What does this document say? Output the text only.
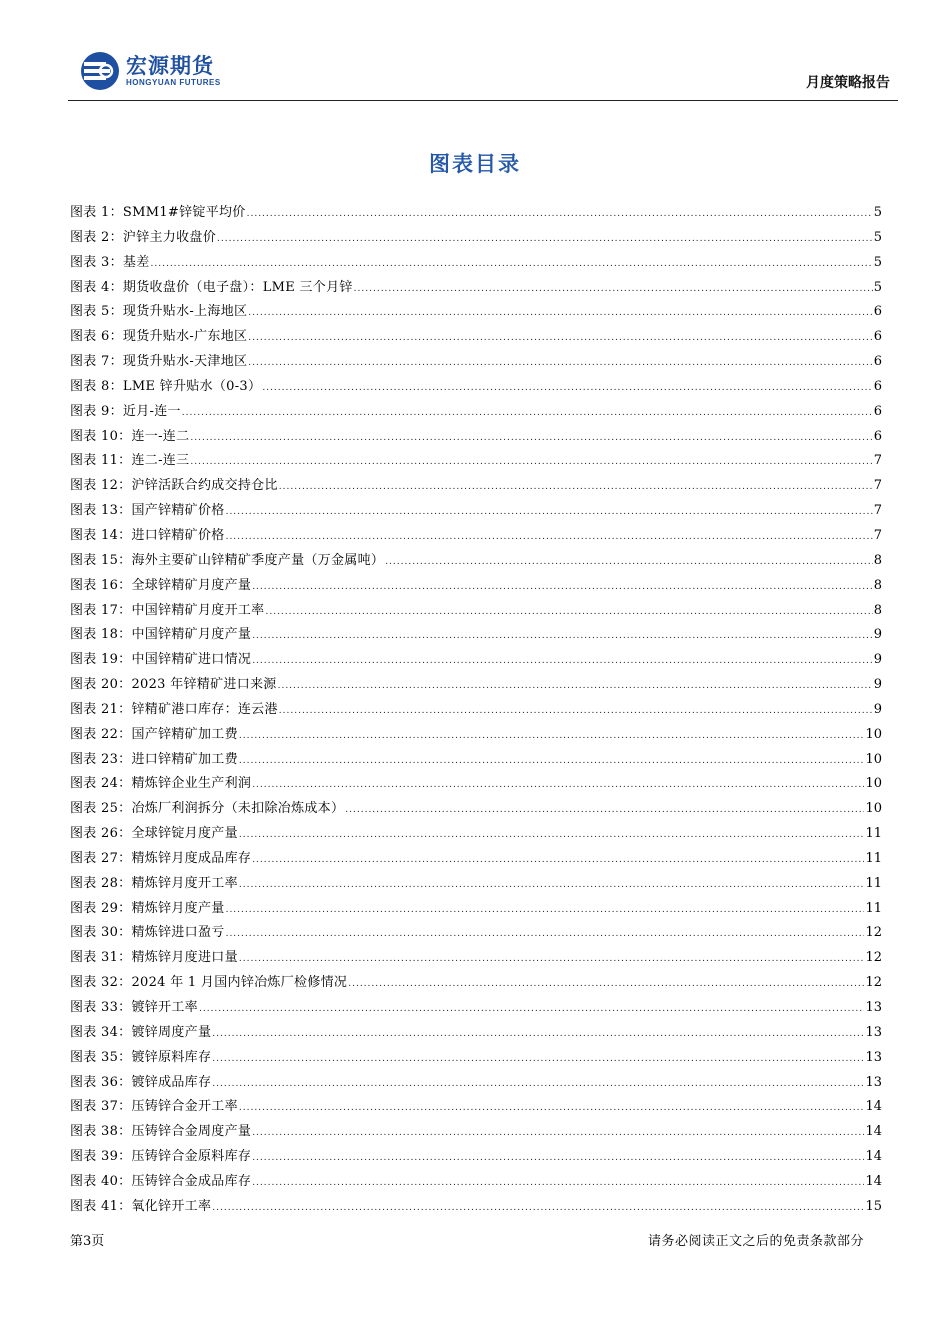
宏源期货
HONGYUAN FUTURES	月度策略报告
图表目录
图表 1：SMM1#锌锭平均价 .....	5
图表 2：沪锌主力收盘价 .....	5
图表 3：基差 .....	5
图表 4：期货收盘价（电子盘）：LME 三个月锌 .....	5
图表 5：现货升贴水-上海地区 .....	6
图表 6：现货升贴水-广东地区 .....	6
图表 7：现货升贴水-天津地区 .....	6
图表 8：LME 锌升贴水（0-3） .....	6
图表 9：近月-连一 .....	6
图表 10：连一-连二 .....	6
图表 11：连二-连三 .....	7
图表 12：沪锌活跃合约成交持仓比 .....	7
图表 13：国产锌精矿价格 .....	7
图表 14：进口锌精矿价格 .....	7
图表 15：海外主要矿山锌精矿季度产量（万金属吨） .....	8
图表 16：全球锌精矿月度产量 .....	8
图表 17：中国锌精矿月度开工率 .....	8
图表 18：中国锌精矿月度产量 .....	9
图表 19：中国锌精矿进口情况 .....	9
图表 20：2023 年锌精矿进口来源 .....	9
图表 21：锌精矿港口库存：连云港 .....	9
图表 22：国产锌精矿加工费 .....	10
图表 23：进口锌精矿加工费 .....	10
图表 24：精炼锌企业生产利润 .....	10
图表 25：冶炼厂利润拆分（未扣除冶炼成本） .....	10
图表 26：全球锌锭月度产量 .....	11
图表 27：精炼锌月度成品库存 .....	11
图表 28：精炼锌月度开工率 .....	11
图表 29：精炼锌月度产量 .....	11
图表 30：精炼锌进口盈亏 .....	12
图表 31：精炼锌月度进口量 .....	12
图表 32：2024 年 1 月国内锌冶炼厂检修情况 .....	12
图表 33：镀锌开工率 .....	13
图表 34：镀锌周度产量 .....	13
图表 35：镀锌原料库存 .....	13
图表 36：镀锌成品库存 .....	13
图表 37：压铸锌合金开工率 .....	14
图表 38：压铸锌合金周度产量 .....	14
图表 39：压铸锌合金原料库存 .....	14
图表 40：压铸锌合金成品库存 .....	14
图表 41：氧化锌开工率 .....	15
第3页	请务必阅读正文之后的免责条款部分
